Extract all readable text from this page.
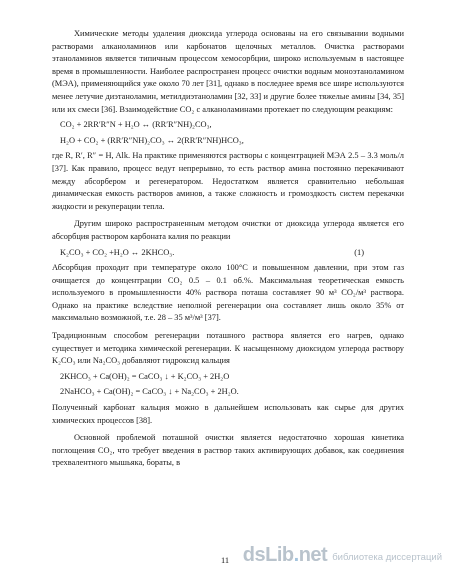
Химические методы удаления диоксида углерода основаны на его связывании водными растворами алканоламинов или карбонатов щелочных металлов. Очистка растворами этаноламинов является типичным процессом хемосорбции, широко используемым в настоящее время в промышленности. Наиболее распространен процесс очистки водным моноэтаноламином (МЭА), применяющийся уже около 70 лет [31], однако в последнее время все шире используются менее летучие диэтаноламин, метилдиэтаноламин [32, 33] и другие более тяжелые амины [34, 35] или их смеси [36]. Взаимодействие CO₂ с алканоламинами протекает по следующим реакциям:

CO₂ + 2RR′R″N + H₂O ↔ (RR′R″NH)₂CO₃,
H₂O + CO₂ + (RR′R″NH)₂CO₃ ↔ 2(RR′R″NH)HCO₃,

где R, R′, R″ = H, Alk. На практике применяются растворы с концентрацией МЭА 2.5 – 3.3 моль/л [37]. Как правило, процесс ведут непрерывно, то есть раствор амина постоянно перекачивают между абсорбером и регенератором. Недостатком является сравнительно небольшая динамическая емкость растворов аминов, а также сложность и громоздкость систем перекачки жидкости и рекуперации тепла.

Другим широко распространенным методом очистки от диоксида углерода является его абсорбция раствором карбоната калия по реакции

K₂CO₃ + CO₂ +H₂O ↔ 2KHCO₃.	(1)

Абсорбция проходит при температуре около 100°С и повышенном давлении, при этом газ очищается до концентрации CO₂ 0.5 – 0.1 об.%. Максимальная теоретическая емкость используемого в промышленности 40% раствора поташа составляет 90 м³ CO₂/м³ раствора. Однако на практике вследствие неполной регенерации она составляет лишь около 35% от максимально возможной, т.е. 28 – 35 м³/м³ [37].

Традиционным способом регенерации поташного раствора является его нагрев, однако существует и методика химической регенерации. К насыщенному диоксидом углерода раствору K₂CO₃ или Na₂CO₃ добавляют гидроксид кальция

2KHCO₃ + Ca(OH)₂ = CaCO₃ ↓ + K₂CO₃ + 2H₂O
2NaHCO₃ + Ca(OH)₂ = CaCO₃ ↓ + Na₂CO₃ + 2H₂O.

Полученный карбонат кальция можно в дальнейшем использовать как сырье для других химических процессов [38].

Основной проблемой поташной очистки является недостаточно хорошая кинетика поглощения CO₂, что требует введения в раствор таких активирующих добавок, как соединения трехвалентного мышьяка, бораты, в

11 dsLib.net библиотека диссертаций
